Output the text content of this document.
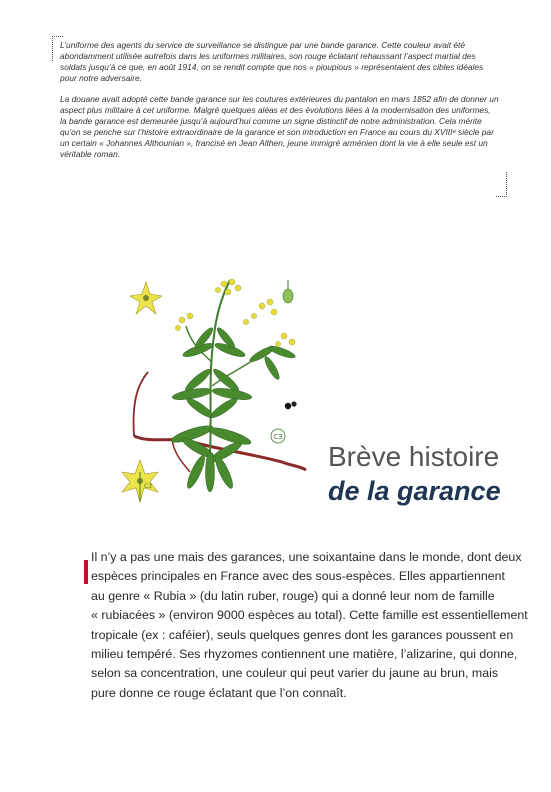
L’uniforme des agents du service de surveillance se distingue par une bande garance. Cette couleur avait été
abondamment utilisée autrefois dans les uniformes militaires, son rouge éclatant rehaussant l’aspect martial des
soldats jusqu’à ce que, en août 1914, on se rendit compte que nos « pioupious » représentaient des cibles idéales
pour notre adversaire.

La douane avait adopté cette bande garance sur les coutures extérieures du pantalon en mars 1852 afin de donner un
aspect plus militaire à cet uniforme. Malgré quelques aléas et des évolutions liées à la modernisation des uniformes,
la bande garance est demeurée jusqu’à aujourd’hui comme un signe distinctif de notre administration. Cela mérite
qu’on se penche sur l’histoire extraordinaire de la garance et son introduction en France au cours du XVIIIᵉ siècle par
un certain « Johannes Althounian », francisé en Jean Althen, jeune immigré arménien dont la vie à elle seule est un
véritable roman.

C3
C3
Brève histoire
de la garance
Il n’y a pas une mais des garances, une soixantaine dans le monde, dont deux
espèces principales en France avec des sous-espèces. Elles appartiennent
au genre « Rubia » (du latin ruber, rouge) qui a donné leur nom de famille
« rubiacées » (environ 9000 espèces au total). Cette famille est essentiellement
tropicale (ex : caféier), seuls quelques genres dont les garances poussent en
milieu tempéré. Ses rhyzomes contiennent une matière, l’alizarine, qui donne,
selon sa concentration, une couleur qui peut varier du jaune au brun, mais
pure donne ce rouge éclatant que l’on connaît.
